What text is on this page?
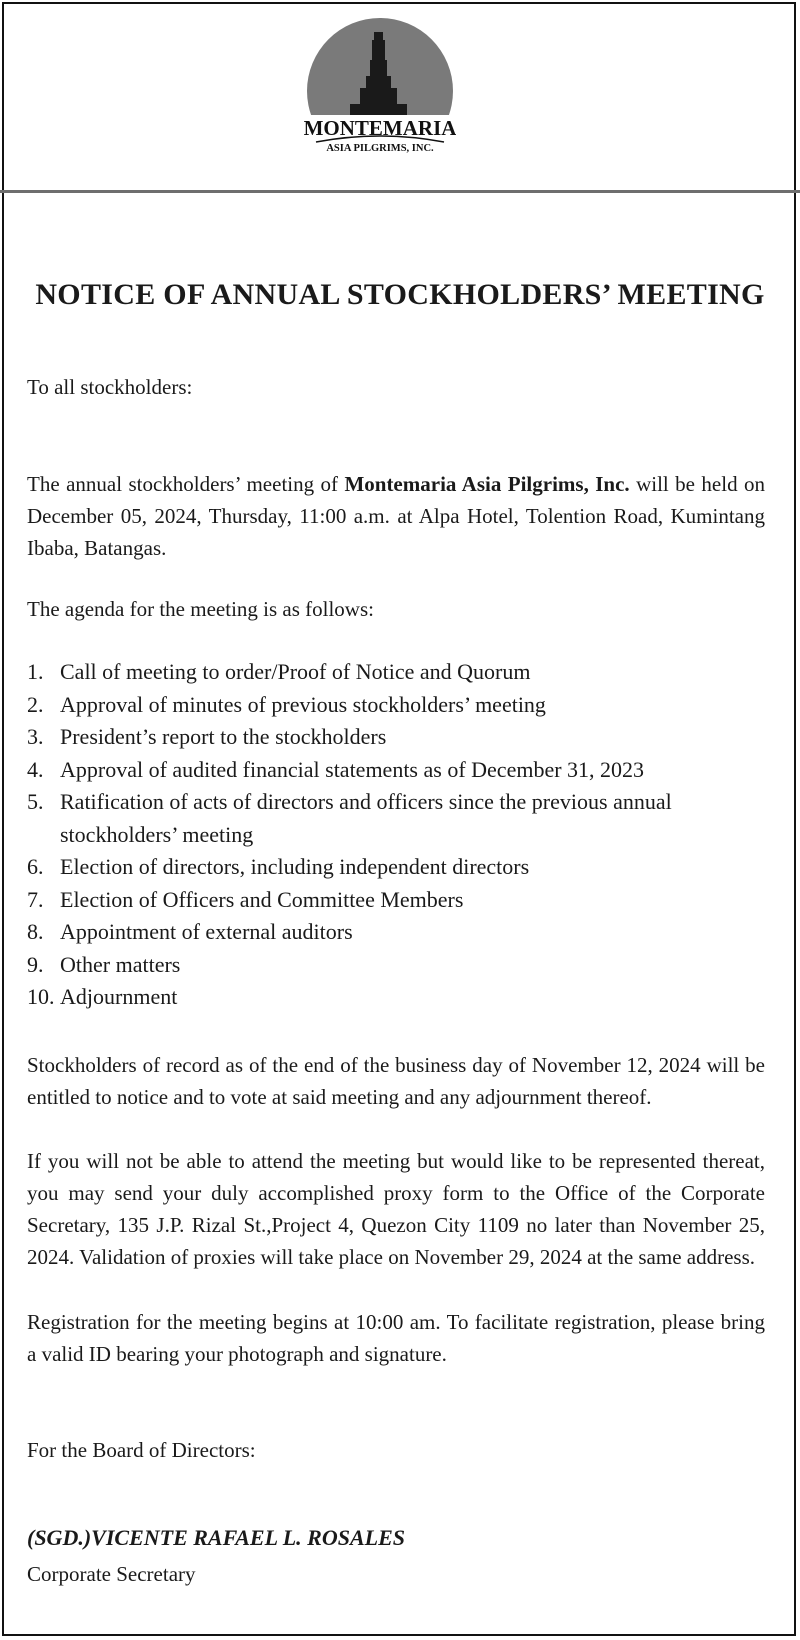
MONTEMARIA
ASIA PILGRIMS, INC.
NOTICE OF ANNUAL STOCKHOLDERS’ MEETING

To all stockholders:

The annual stockholders’ meeting of Montemaria Asia Pilgrims, Inc. will be held on December 05, 2024, Thursday, 11:00 a.m. at Alpa Hotel, Tolention Road, Kumintang Ibaba, Batangas.

The agenda for the meeting is as follows:

1. Call of meeting to order/Proof of Notice and Quorum
2. Approval of minutes of previous stockholders’ meeting
3. President’s report to the stockholders
4. Approval of audited financial statements as of December 31, 2023
5. Ratification of acts of directors and officers since the previous annual stockholders’ meeting
6. Election of directors, including independent directors
7. Election of Officers and Committee Members
8. Appointment of external auditors
9. Other matters
10. Adjournment

Stockholders of record as of the end of the business day of November 12, 2024 will be entitled to notice and to vote at said meeting and any adjournment thereof.

If you will not be able to attend the meeting but would like to be represented thereat, you may send your duly accomplished proxy form to the Office of the Corporate Secretary, 135 J.P. Rizal St.,Project 4, Quezon City 1109 no later than November 25, 2024. Validation of proxies will take place on November 29, 2024 at the same address.

Registration for the meeting begins at 10:00 am. To facilitate registration, please bring a valid ID bearing your photograph and signature.

For the Board of Directors:

(SGD.)VICENTE RAFAEL L. ROSALES
Corporate Secretary
